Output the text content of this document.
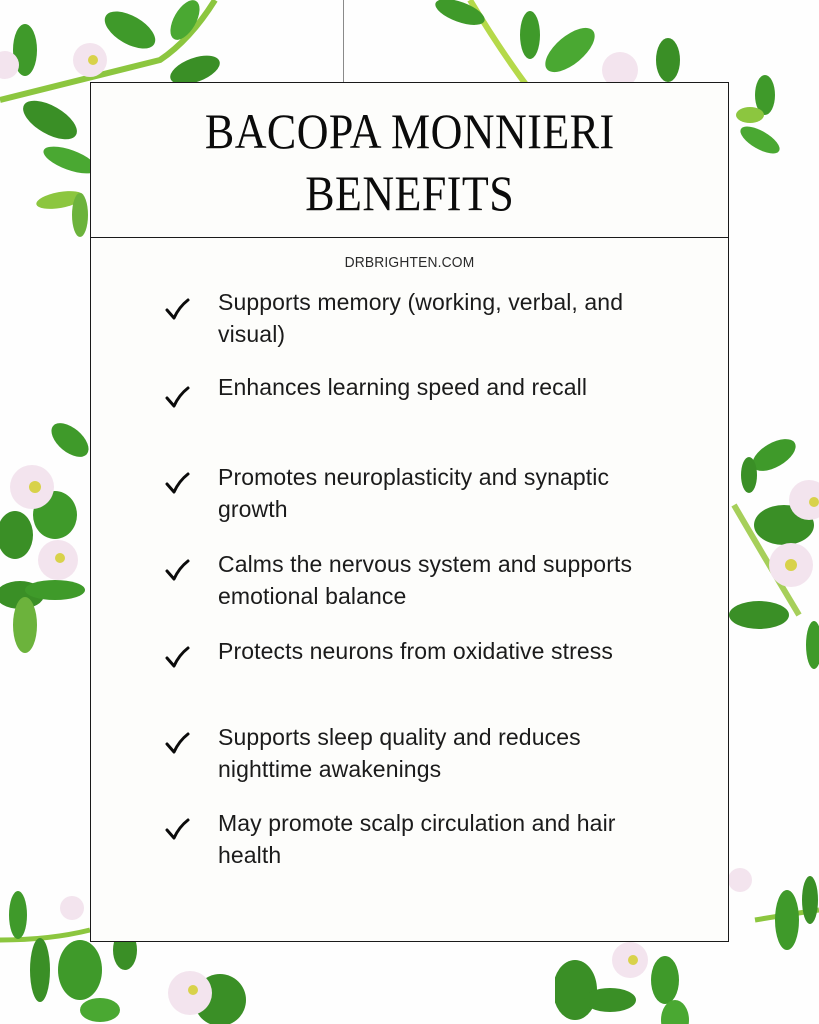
BACOPA MONNIERI
BENEFITS
DRBRIGHTEN.COM
Supports memory (working, verbal, and visual)
Enhances learning speed and recall
Promotes neuroplasticity and synaptic growth
Calms the nervous system and supports emotional balance
Protects neurons from oxidative stress
Supports sleep quality and reduces nighttime awakenings
May promote scalp circulation and hair health
